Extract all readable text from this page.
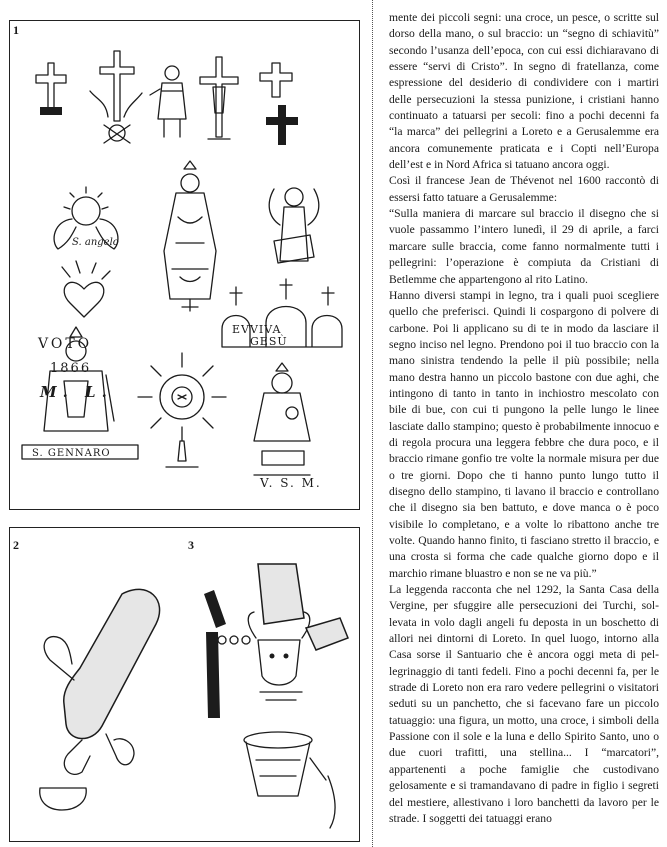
1
S. angelo
VOTO
1866
M. L.
EVVIVA
GESÙ
S. GENNARO
V. S. M.
2	3

mente dei piccoli segni: una croce, un pesce, o scritte sul dorso della mano, o sul braccio: un “segno di schiavitù” secondo l’usanza dell’epoca, con cui essi dichiaravano di essere “servi di Cristo”. In segno di fratellanza, come espressione del desiderio di condividere con i martiri delle persecuzioni la stessa punizione, i cristiani hanno continuato a tatuarsi per secoli: fino a pochi decenni fa “la marca” dei pellegrini a Loreto e a Gerusalemme era ancora comunemente praticata e i Copti nell’Europa dell’est e in Nord Africa si tatuano ancora oggi.

Così il francese Jean de Thévenot nel 1600 raccontò di essersi fatto tatuare a Gerusalemme:

“Sulla maniera di marcare sul braccio il disegno che si vuole passammo l’intero lunedì, il 29 di aprile, a farci marcare sulle braccia, come fanno normalmente tutti i pellegrini: l’operazione è compiuta da Cristiani di Betlemme che appartengono al rito Latino.

Hanno diversi stampi in legno, tra i quali puoi scegliere quello che preferisci. Quindi li cospargono di polvere di carbone. Poi li applicano su di te in modo da lasciare il segno inciso nel legno. Prendono poi il tuo braccio con la mano sinistra tendendo la pelle il più possibile; nella mano destra hanno un piccolo bastone con due aghi, che intingono di tanto in tanto in inchiostro mescolato con bile di bue, con cui ti pungono la pelle lungo le linee lasciate dallo stampino; questo è probabilmente innocuo e di regola procura una leggera febbre che dura poco, e il braccio rimane gonfio tre volte la normale misura per due o tre giorni. Dopo che ti hanno punto lungo tutto il disegno dello stampino, ti lavano il braccio e controllano che il disegno sia ben battuto, e dove manca o è poco visibile lo completano, e a volte lo ribattono anche tre volte. Quando hanno finito, ti fasciano stretto il braccio, e una crosta si forma che cade qualche giorno dopo e il marchio rimane bluastro e non se ne va più.”

La leggenda racconta che nel 1292, la Santa Casa della Vergine, per sfuggire alle persecuzioni dei Turchi, sollevata in volo dagli angeli fu deposta in un boschetto di allori nei dintorni di Loreto. In quel luogo, intorno alla Casa sorse il Santuario che è ancora oggi meta di pellegrinaggio di tanti fedeli. Fino a pochi decenni fa, per le strade di Loreto non era raro vedere pellegrini o visitatori seduti su un panchetto, che si facevano fare un piccolo tatuaggio: una figura, un motto, una croce, i simboli della Passione con il sole e la luna e dello Spirito Santo, uno o due cuori trafitti, una stellina... I “marcatori”, appartenenti a poche famiglie che custodivano gelosamente e si tramandavano di padre in figlio i segreti del mestiere, allestivano i loro banchetti da lavoro per le strade. I soggetti dei tatuaggi erano
